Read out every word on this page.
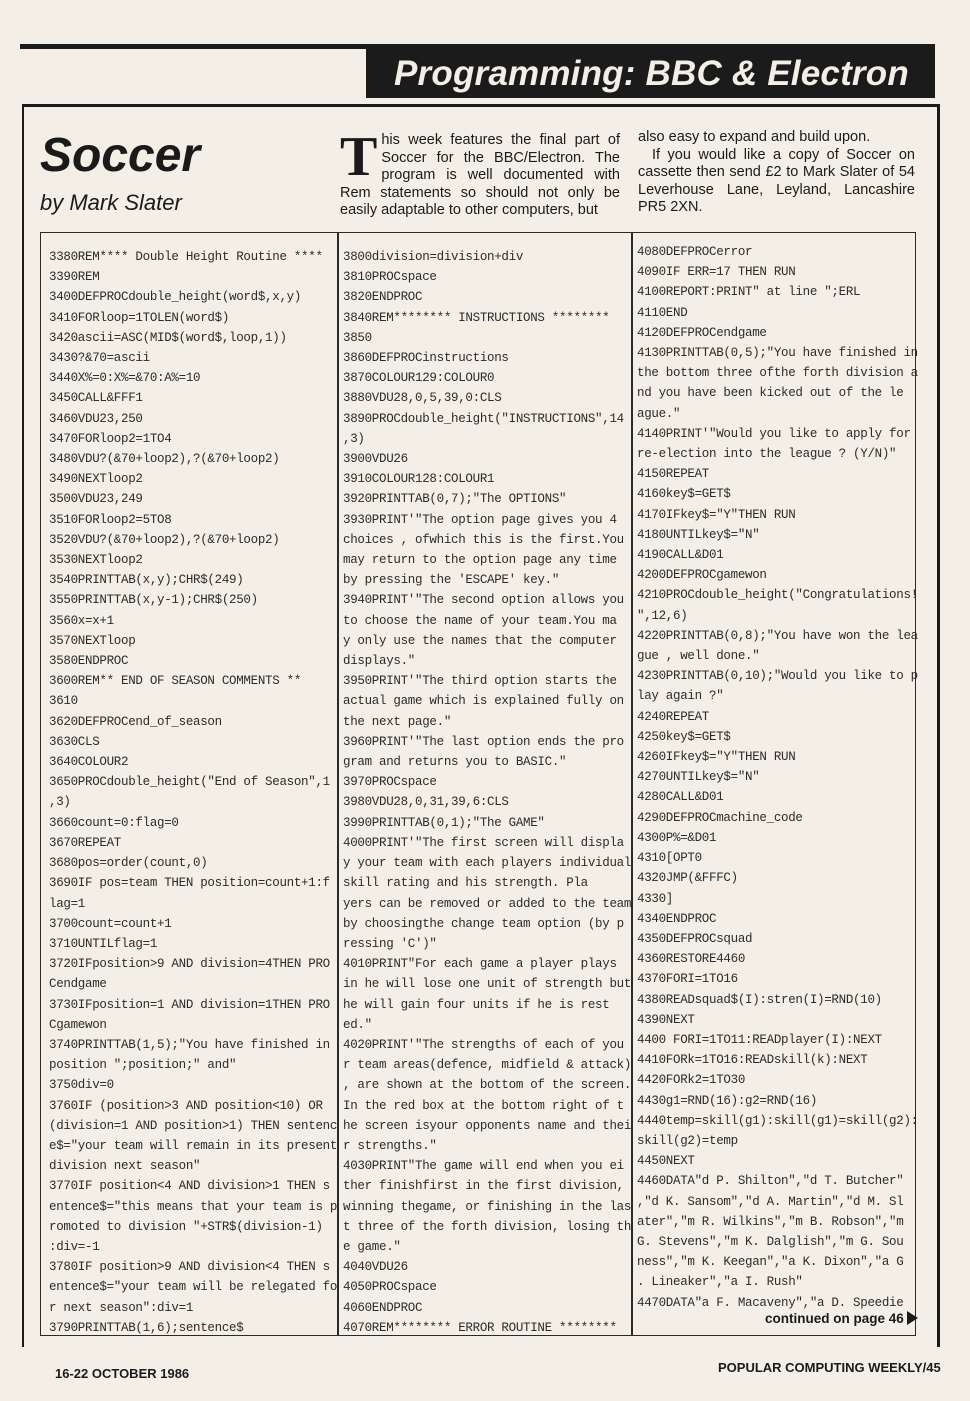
Programming: BBC & Electron
Soccer
by Mark Slater
This week features the final part of Soccer for the BBC/Electron. The program is well documented with Rem statements so should not only be easily adaptable to other computers, but
also easy to expand and build upon.
If you would like a copy of Soccer on cassette then send £2 to Mark Slater of 54 Leverhouse Lane, Leyland, Lancashire PR5 2XN.
3380REM**** Double Height Routine ****
3390REM
3400DEFPROCdouble_height(word$,x,y)
3410FORloop=1TOLEN(word$)
3420ascii=ASC(MID$(word$,loop,1))
3430?&70=ascii
3440X%=0:X%=&70:A%=10
3450CALL&FFF1
3460VDU23,250
3470FORloop2=1TO4
3480VDU?(&70+loop2),?(&70+loop2)
3490NEXTloop2
3500VDU23,249
3510FORloop2=5TO8
3520VDU?(&70+loop2),?(&70+loop2)
3530NEXTloop2
3540PRINTTAB(x,y);CHR$(249)
3550PRINTTAB(x,y-1);CHR$(250)
3560x=x+1
3570NEXTloop
3580ENDPROC
3600REM** END OF SEASON COMMENTS **
3610
3620DEFPROCend_of_season
3630CLS
3640COLOUR2
3650PROCdouble_height("End of Season",1
,3)
3660count=0:flag=0
3670REPEAT
3680pos=order(count,0)
3690IF pos=team THEN position=count+1:f
lag=1
3700count=count+1
3710UNTILflag=1
3720IFposition>9 AND division=4THEN PRO
Cendgame
3730IFposition=1 AND division=1THEN PRO
Cgamewon
3740PRINTTAB(1,5);"You have finished in
position ";position;" and"
3750div=0
3760IF (position>3 AND position<10) OR
(division=1 AND position>1) THEN sentenc
e$="your team will remain in its present
division next season"
3770IF position<4 AND division>1 THEN s
entence$="this means that your team is p
romoted to division "+STR$(division-1)
:div=-1
3780IF position>9 AND division<4 THEN s
entence$="your team will be relegated fo
r next season":div=1
3790PRINTTAB(1,6);sentence$
3800division=division+div
3810PROCspace
3820ENDPROC
3840REM******** INSTRUCTIONS ********
3850
3860DEFPROCinstructions
3870COLOUR129:COLOUR0
3880VDU28,0,5,39,0:CLS
3890PROCdouble_height("INSTRUCTIONS",14
,3)
3900VDU26
3910COLOUR128:COLOUR1
3920PRINTTAB(0,7);"The OPTIONS"
3930PRINT'"The option page gives you 4
choices , ofwhich this is the first.You
may return to the option page any time
by pressing the 'ESCAPE' key."
3940PRINT'"The second option allows you
to choose the name of your team.You ma
y only use the names that the computer
displays."
3950PRINT'"The third option starts the
actual game which is explained fully on
the next page."
3960PRINT'"The last option ends the pro
gram and returns you to BASIC."
3970PROCspace
3980VDU28,0,31,39,6:CLS
3990PRINTTAB(0,1);"The GAME"
4000PRINT'"The first screen will displa
y your team with each players individual
skill rating and his strength. Pla
yers can be removed or added to the team
by choosingthe change team option (by p
ressing 'C')"
4010PRINT"For each game a player plays
in he will lose one unit of strength but
he will gain four units if he is rest
ed."
4020PRINT'"The strengths of each of you
r team areas(defence, midfield & attack)
, are shown at the bottom of the screen.
In the red box at the bottom right of t
he screen isyour opponents name and thei
r strengths."
4030PRINT"The game will end when you ei
ther finishfirst in the first division,
winning thegame, or finishing in the las
t three of the forth division, losing th
e game."
4040VDU26
4050PROCspace
4060ENDPROC
4070REM******** ERROR ROUTINE ********
4080DEFPROCerror
4090IF ERR=17 THEN RUN
4100REPORT:PRINT" at line ";ERL
4110END
4120DEFPROCendgame
4130PRINTTAB(0,5);"You have finished in
the bottom three ofthe forth division a
nd you have been kicked out of the le
ague."
4140PRINT'"Would you like to apply for
re-election into the league ? (Y/N)"
4150REPEAT
4160key$=GET$
4170IFkey$="Y"THEN RUN
4180UNTILkey$="N"
4190CALL&D01
4200DEFPROCgamewon
4210PROCdouble_height("Congratulations!
",12,6)
4220PRINTTAB(0,8);"You have won the lea
gue , well done."
4230PRINTTAB(0,10);"Would you like to p
lay again ?"
4240REPEAT
4250key$=GET$
4260IFkey$="Y"THEN RUN
4270UNTILkey$="N"
4280CALL&D01
4290DEFPROCmachine_code
4300P%=&D01
4310[OPT0
4320JMP(&FFFC)
4330]
4340ENDPROC
4350DEFPROCsquad
4360RESTORE4460
4370FORI=1TO16
4380READsquad$(I):stren(I)=RND(10)
4390NEXT
4400 FORI=1TO11:READplayer(I):NEXT
4410FORk=1TO16:READskill(k):NEXT
4420FORk2=1TO30
4430g1=RND(16):g2=RND(16)
4440temp=skill(g1):skill(g1)=skill(g2):
skill(g2)=temp
4450NEXT
4460DATA"d P. Shilton","d T. Butcher"
,"d K. Sansom","d A. Martin","d M. Sl
ater","m R. Wilkins","m B. Robson","m
G. Stevens","m K. Dalglish","m G. Sou
ness","m K. Keegan","a K. Dixon","a G
. Lineaker","a I. Rush"
4470DATA"a F. Macaveny","a D. Speedie
continued on page 46
16-22 OCTOBER 1986	POPULAR COMPUTING WEEKLY/45
